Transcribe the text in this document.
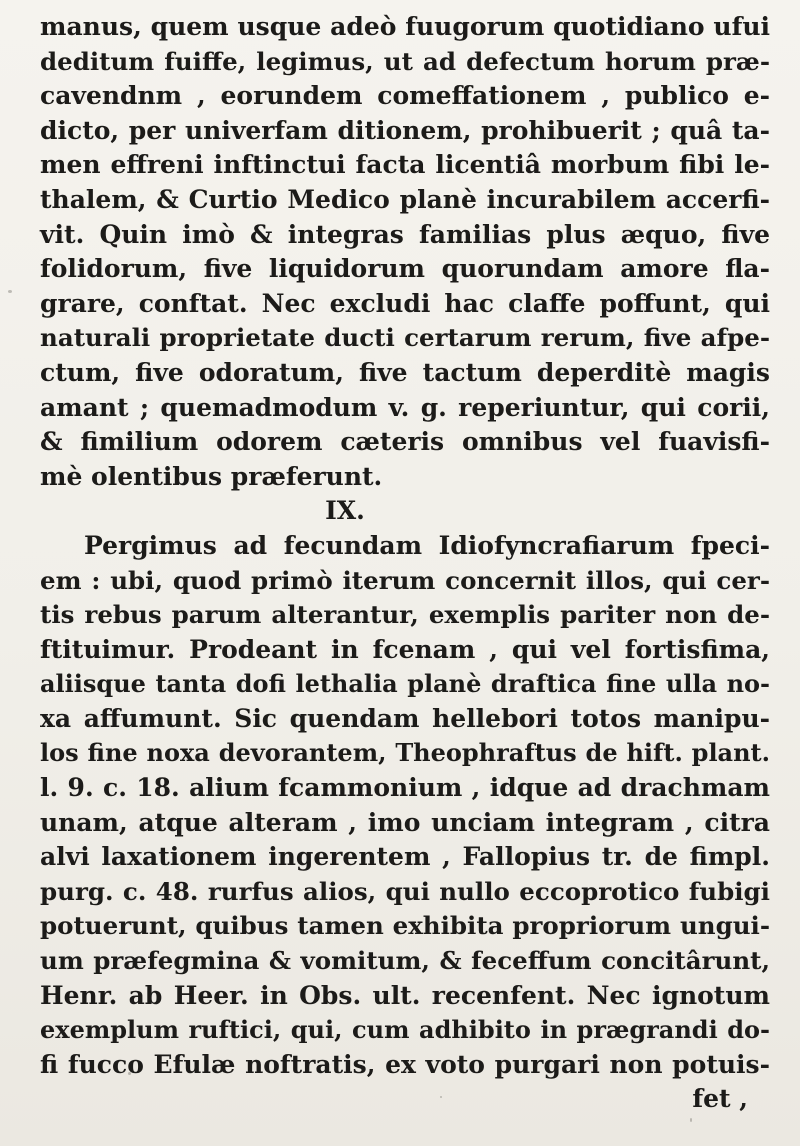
manus, quem usque adeò fuugorum quotidiano ufui
deditum fuiffe, legimus, ut ad defectum horum præ-
cavendnm , eorundem comeffationem , publico e-
dicto, per univerfam ditionem, prohibuerit ; quâ ta-
men effreni inftinctui facta licentiâ morbum fibi le-
thalem, & Curtio Medico planè incurabilem accerfi-
vit. Quin imò & integras familias plus æquo, five
folidorum, five liquidorum quorundam amore fla-
grare, conftat. Nec excludi hac claffe poffunt, qui
naturali proprietate ducti certarum rerum, five afpe-
ctum, five odoratum, five tactum deperditè magis
amant ; quemadmodum v. g. reperiuntur, qui corii,
& fimilium odorem cæteris omnibus vel fuavisfi-
mè olentibus præferunt.
IX.
Pergimus ad fecundam Idiofyncrafiarum fpeci-
em : ubi, quod primò iterum concernit illos, qui cer-
tis rebus parum alterantur, exemplis pariter non de-
ftituimur. Prodeant in fcenam , qui vel fortisfima,
aliisque tanta dofi lethalia planè draftica fine ulla no-
xa affumunt. Sic quendam hellebori totos manipu-
los fine noxa devorantem, Theophraftus de hift. plant.
l. 9. c. 18. alium fcammonium , idque ad drachmam
unam, atque alteram , imo unciam integram , citra
alvi laxationem ingerentem , Fallopius tr. de fimpl.
purg. c. 48. rurfus alios, qui nullo eccoprotico fubigi
potuerunt, quibus tamen exhibita propriorum ungui-
um præfegmina & vomitum, & feceffum concitârunt,
Henr. ab Heer. in Obs. ult. recenfent. Nec ignotum
exemplum ruftici, qui, cum adhibito in prægrandi do-
fi fucco Efulæ noftratis, ex voto purgari non potuis-
fet ,
